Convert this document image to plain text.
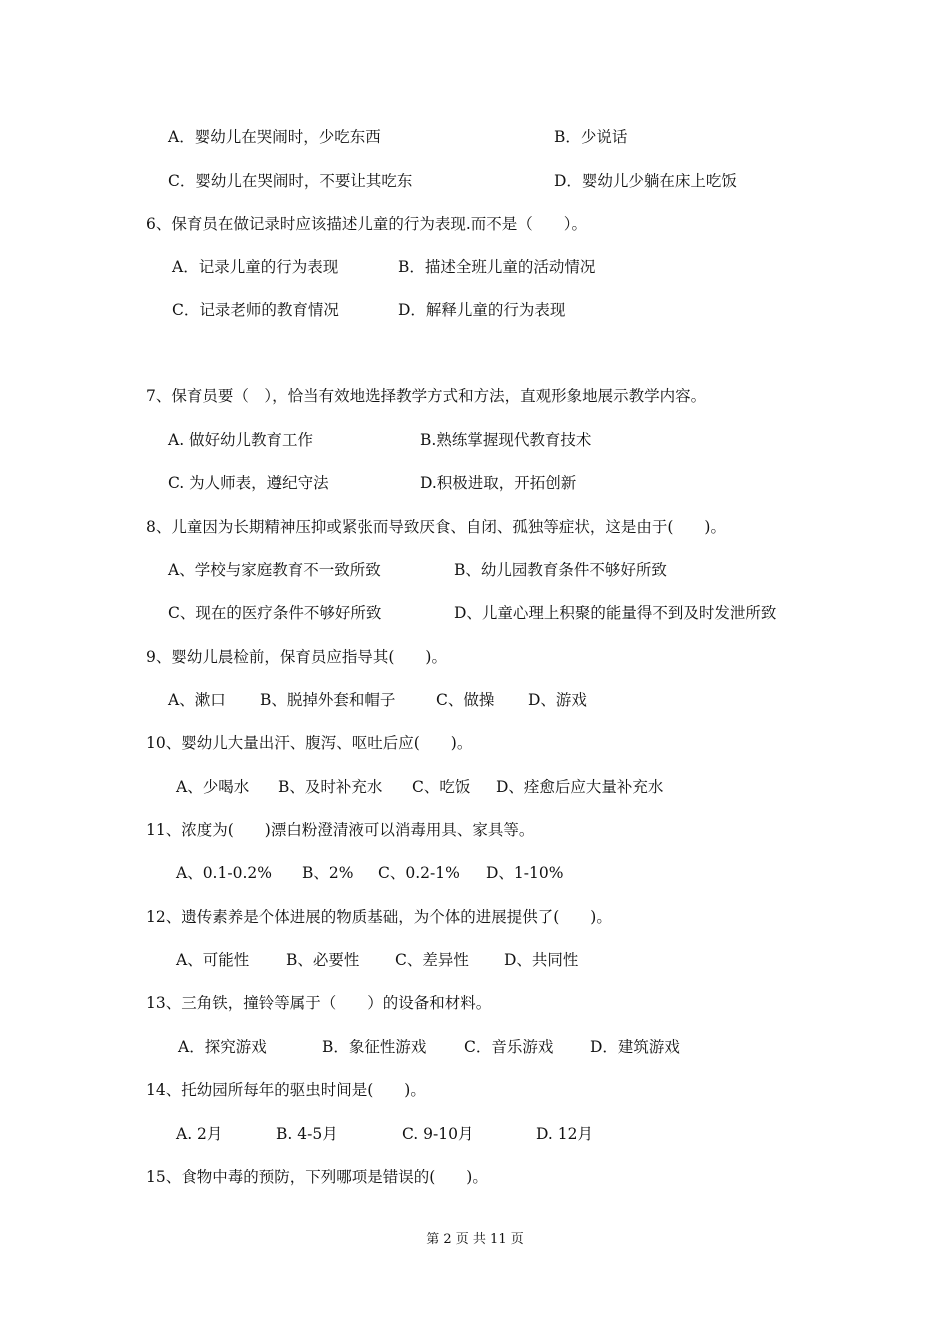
A．婴幼儿在哭闹时，少吃东西	B．少说话
C．婴幼儿在哭闹时，不要让其吃东	D．婴幼儿少躺在床上吃饭
6、保育员在做记录时应该描述儿童的行为表现.而不是（　　）。
A．记录儿童的行为表现	B．描述全班儿童的活动情况
C．记录老师的教育情况	D．解释儿童的行为表现
7、保育员要（　），恰当有效地选择教学方式和方法，直观形象地展示教学内容。
A. 做好幼儿教育工作	B.熟练掌握现代教育技术
C. 为人师表，遵纪守法	D.积极进取，开拓创新
8、儿童因为长期精神压抑或紧张而导致厌食、自闭、孤独等症状，这是由于(　　)。
A、学校与家庭教育不一致所致	B、幼儿园教育条件不够好所致
C、现在的医疗条件不够好所致	D、儿童心理上积聚的能量得不到及时发泄所致
9、婴幼儿晨检前，保育员应指导其(　　)。
A、漱口 B、脱掉外套和帽子	C、做操 D、游戏
10、婴幼儿大量出汗、腹泻、呕吐后应(　　)。
A、少喝水 B、及时补充水 C、吃饭 D、痊愈后应大量补充水
11、浓度为(　　)漂白粉澄清液可以消毒用具、家具等。
A、0.1-0.2% B、2% C、0.2-1% D、1-10%
12、遗传素养是个体进展的物质基础，为个体的进展提供了(　　)。
A、可能性 B、必要性 C、差异性 D、共同性
13、三角铁，撞铃等属于（　　）的设备和材料。
A．探究游戏	B．象征性游戏 C．音乐游戏 D．建筑游戏
14、托幼园所每年的驱虫时间是(　　)。
A. 2月	B. 4-5月	C. 9-10月	D. 12月
15、食物中毒的预防，下列哪项是错误的(　　)。
第 2 页 共 11 页
